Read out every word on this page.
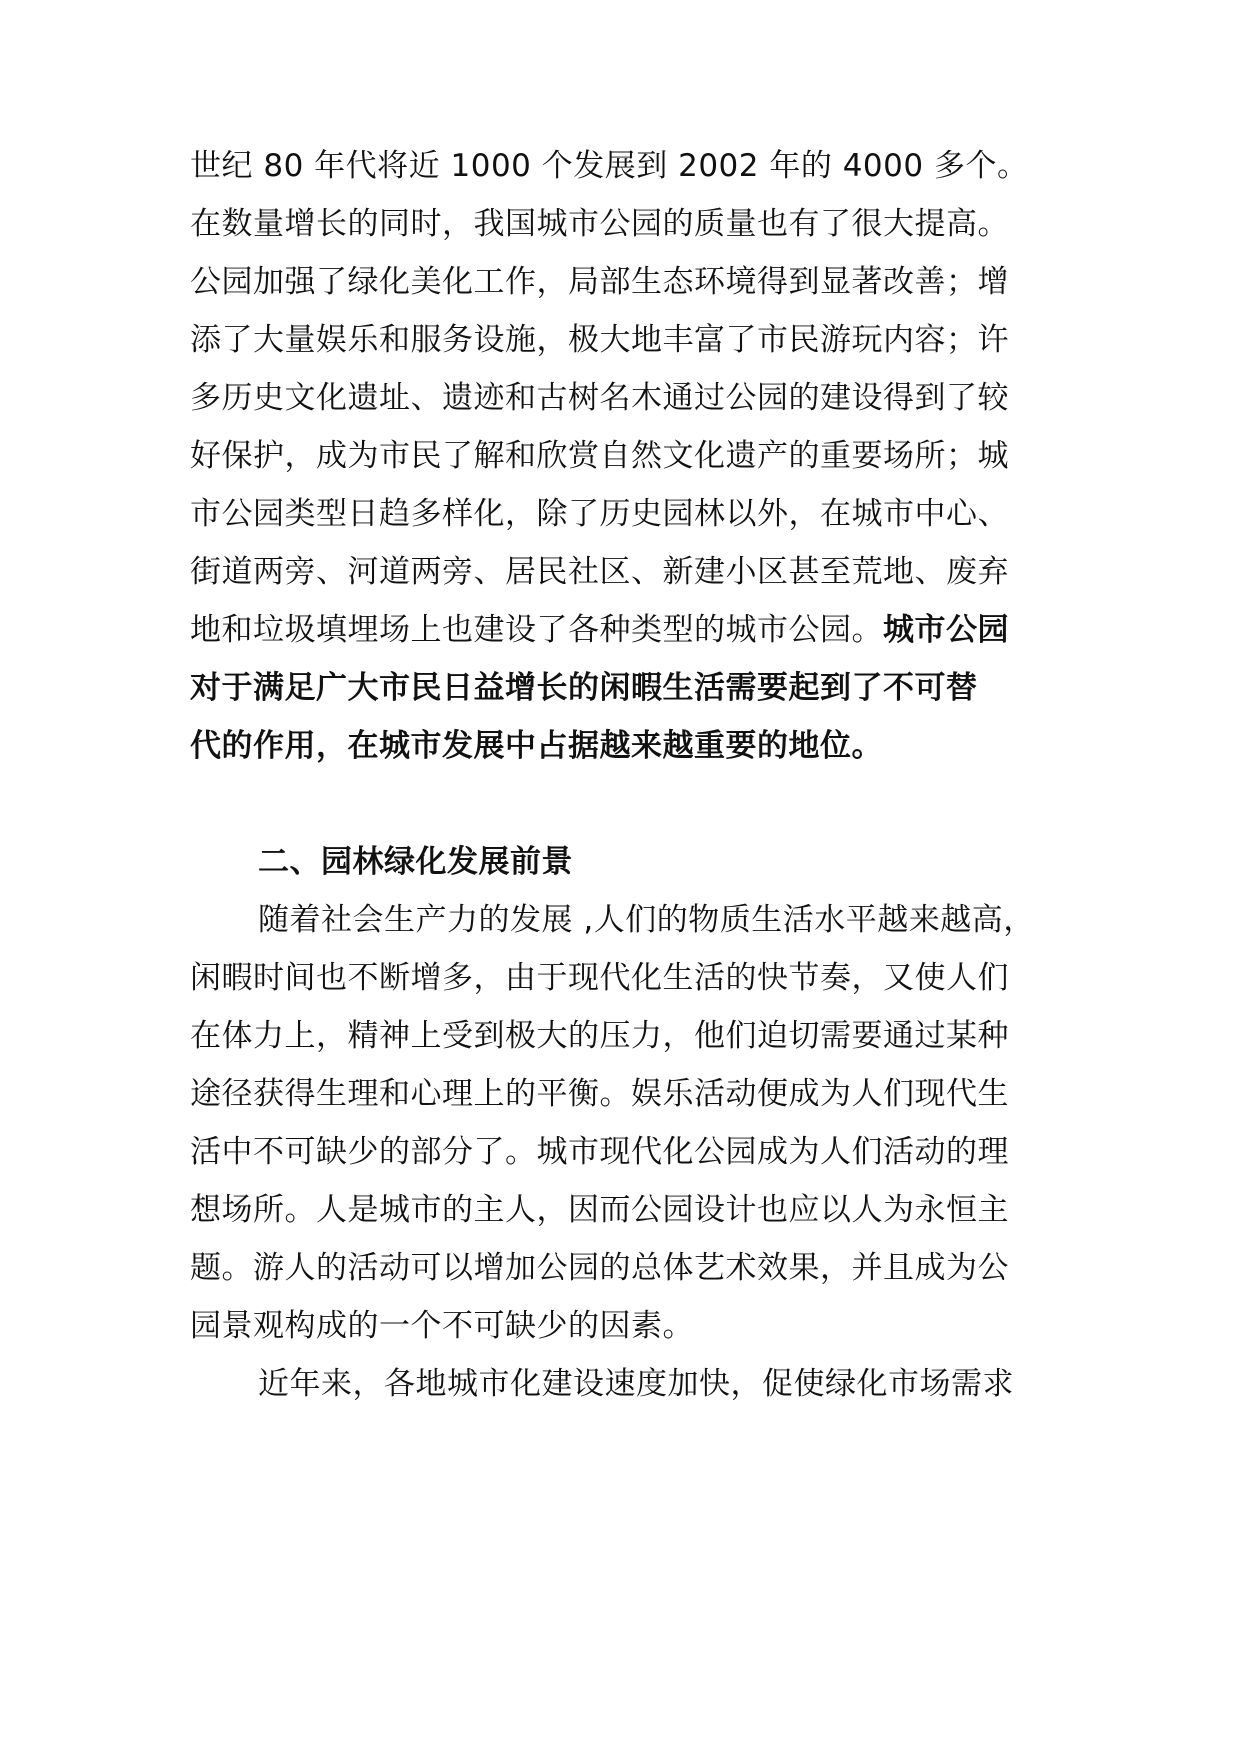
世纪 80 年代将近 1000 个发展到 2002 年的 4000 多个。
在数量增长的同时，我国城市公园的质量也有了很大提高。
公园加强了绿化美化工作，局部生态环境得到显著改善；增
添了大量娱乐和服务设施，极大地丰富了市民游玩内容；许
多历史文化遗址、遗迹和古树名木通过公园的建设得到了较
好保护，成为市民了解和欣赏自然文化遗产的重要场所；城
市公园类型日趋多样化，除了历史园林以外，在城市中心、
街道两旁、河道两旁、居民社区、新建小区甚至荒地、废弃
地和垃圾填埋场上也建设了各种类型的城市公园。城市公园
对于满足广大市民日益增长的闲暇生活需要起到了不可替
代的作用，在城市发展中占据越来越重要的地位。
二、园林绿化发展前景
随着社会生产力的发展 ,人们的物质生活水平越来越高，
闲暇时间也不断增多，由于现代化生活的快节奏，又使人们
在体力上，精神上受到极大的压力，他们迫切需要通过某种
途径获得生理和心理上的平衡。娱乐活动便成为人们现代生
活中不可缺少的部分了。城市现代化公园成为人们活动的理
想场所。人是城市的主人，因而公园设计也应以人为永恒主
题。游人的活动可以增加公园的总体艺术效果，并且成为公
园景观构成的一个不可缺少的因素。
近年来，各地城市化建设速度加快，促使绿化市场需求
